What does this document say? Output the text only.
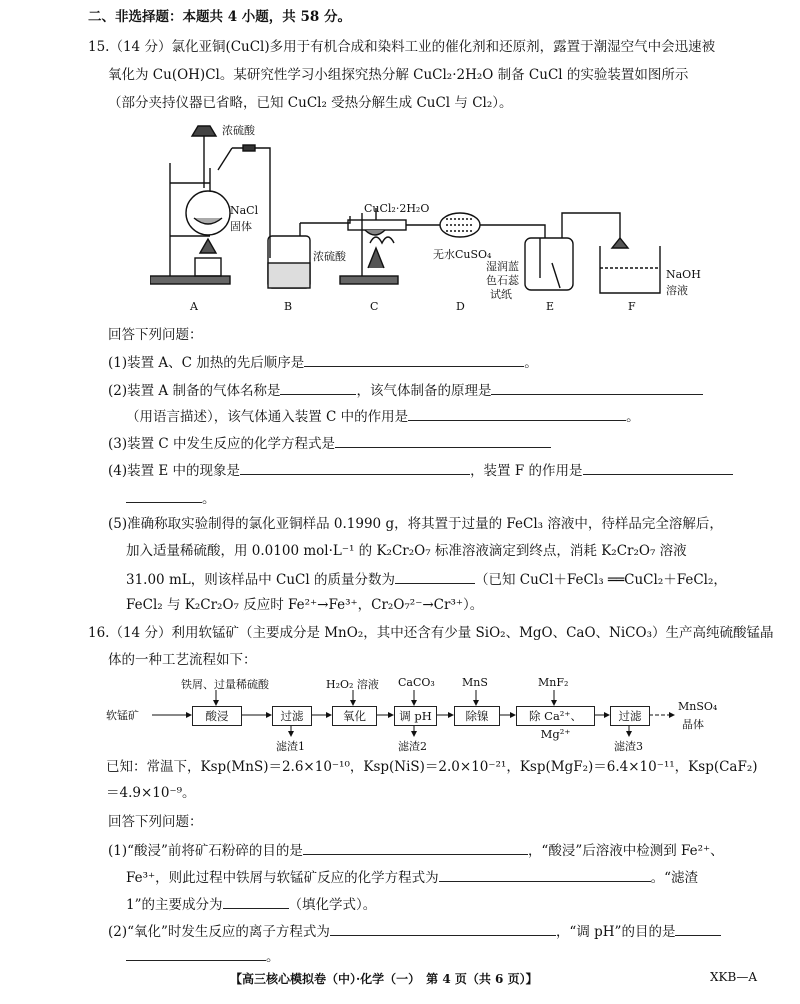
二、非选择题：本题共 4 小题，共 58 分。
15.（14 分）氯化亚铜(CuCl)多用于有机合成和染料工业的催化剂和还原剂，露置于潮湿空气中会迅速被
氧化为 Cu(OH)Cl。某研究性学习小组探究热分解 CuCl₂·2H₂O 制备 CuCl 的实验装置如图所示
（部分夹持仪器已省略，已知 CuCl₂ 受热分解生成 CuCl 与 Cl₂）。
浓硫酸
NaCl
固体
浓硫酸
CuCl₂·2H₂O
无水CuSO₄
湿润蓝
色石蕊
试纸
NaOH
溶液
A	B	C	D	E	F
回答下列问题：
(1)装置 A、C 加热的先后顺序是	。
(2)装置 A 制备的气体名称是	，该气体制备的原理是
（用语言描述），该气体通入装置 C 中的作用是	。
(3)装置 C 中发生反应的化学方程式是
(4)装置 E 中的现象是	，装置 F 的作用是
。
(5)准确称取实验制得的氯化亚铜样品 0.1990 g，将其置于过量的 FeCl₃ 溶液中，待样品完全溶解后，
加入适量稀硫酸，用 0.0100 mol·L⁻¹ 的 K₂Cr₂O₇ 标准溶液滴定到终点，消耗 K₂Cr₂O₇ 溶液
31.00 mL，则该样品中 CuCl 的质量分数为	（已知 CuCl＋FeCl₃ ══CuCl₂＋FeCl₂，
FeCl₂ 与 K₂Cr₂O₇ 反应时 Fe²⁺→Fe³⁺，Cr₂O₇²⁻→Cr³⁺）。
16.（14 分）利用软锰矿（主要成分是 MnO₂，其中还含有少量 SiO₂、MgO、CaO、NiCO₃）生产高纯硫酸锰晶
体的一种工艺流程如下：
软锰矿
铁屑、过量稀硫酸	H₂O₂ 溶液 CaCO₃ MnS	MnF₂
酸浸	过滤	氧化	调 pH	除镍	除 Ca²⁺、Mg²⁺
过滤
滤渣1	滤渣2	滤渣3
MnSO₄
晶体
已知：常温下，Ksp(MnS)＝2.6×10⁻¹⁰，Ksp(NiS)＝2.0×10⁻²¹，Ksp(MgF₂)＝6.4×10⁻¹¹，Ksp(CaF₂)
＝4.9×10⁻⁹。
回答下列问题：
(1)“酸浸”前将矿石粉碎的目的是	，“酸浸”后溶液中检测到 Fe²⁺、
Fe³⁺，则此过程中铁屑与软锰矿反应的化学方程式为	。“滤渣
1”的主要成分为	（填化学式）。
(2)“氧化”时发生反应的离子方程式为	，“调 pH”的目的是
。
【高三核心模拟卷（中）·化学（一）　第 4 页（共 6 页）】	XKB—A
